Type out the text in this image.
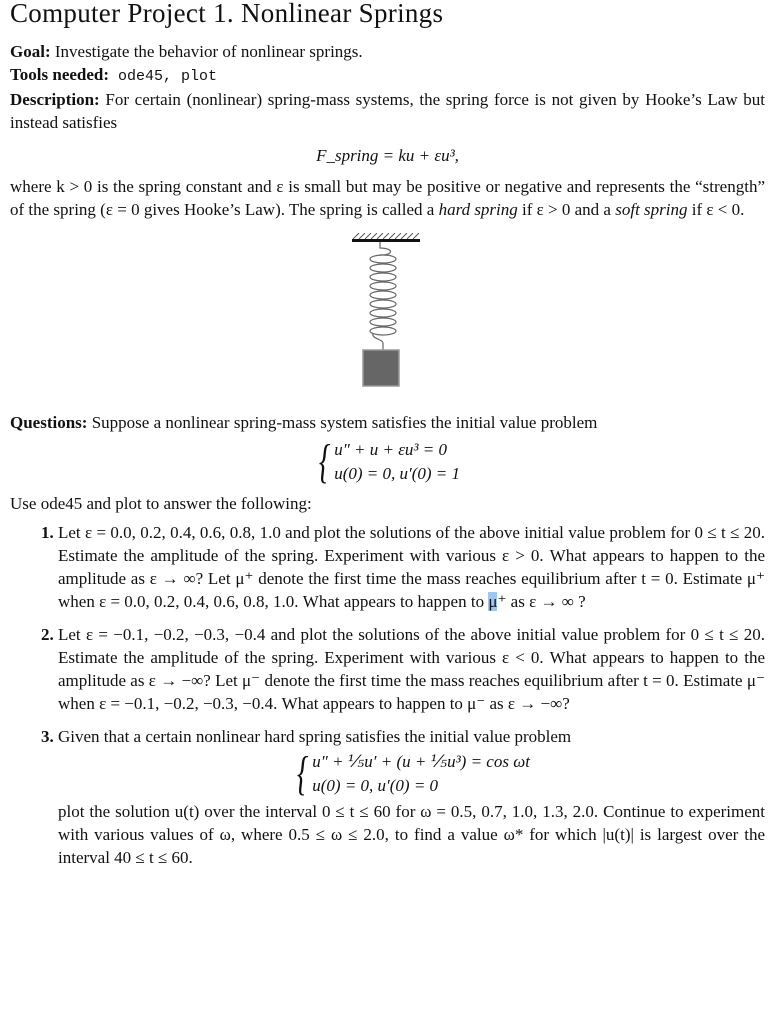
Computer Project 1. Nonlinear Springs

Goal: Investigate the behavior of nonlinear springs.

Tools needed: ode45, plot

Description: For certain (nonlinear) spring-mass systems, the spring force is not given by Hooke’s Law but instead satisfies

F_spring = ku + εu³,

where k > 0 is the spring constant and ε is small but may be positive or negative and represents the “strength” of the spring (ε = 0 gives Hooke’s Law). The spring is called a hard spring if ε > 0 and a soft spring if ε < 0.

Questions: Suppose a nonlinear spring-mass system satisfies the initial value problem

{ u″ + u + εu³ = 0
u(0) = 0, u′(0) = 1

Use ode45 and plot to answer the following:

1. Let ε = 0.0, 0.2, 0.4, 0.6, 0.8, 1.0 and plot the solutions of the above initial value problem for 0 ≤ t ≤ 20. Estimate the amplitude of the spring. Experiment with various ε > 0. What appears to happen to the amplitude as ε → ∞? Let μ⁺ denote the first time the mass reaches equilibrium after t = 0. Estimate μ⁺ when ε = 0.0, 0.2, 0.4, 0.6, 0.8, 1.0. What appears to happen to μ⁺ as ε → ∞ ?
2. Let ε = −0.1, −0.2, −0.3, −0.4 and plot the solutions of the above initial value problem for 0 ≤ t ≤ 20. Estimate the amplitude of the spring. Experiment with various ε < 0. What appears to happen to the amplitude as ε → −∞? Let μ⁻ denote the first time the mass reaches equilibrium after t = 0. Estimate μ⁻ when ε = −0.1, −0.2, −0.3, −0.4. What appears to happen to μ⁻ as ε → −∞?
3. Given that a certain nonlinear hard spring satisfies the initial value problem
{ u″ + ⅕u′ + (u + ⅕u³) = cos ωt
u(0) = 0, u′(0) = 0
plot the solution u(t) over the interval 0 ≤ t ≤ 60 for ω = 0.5, 0.7, 1.0, 1.3, 2.0. Continue to experiment with various values of ω, where 0.5 ≤ ω ≤ 2.0, to find a value ω* for which |u(t)| is largest over the interval 40 ≤ t ≤ 60.
